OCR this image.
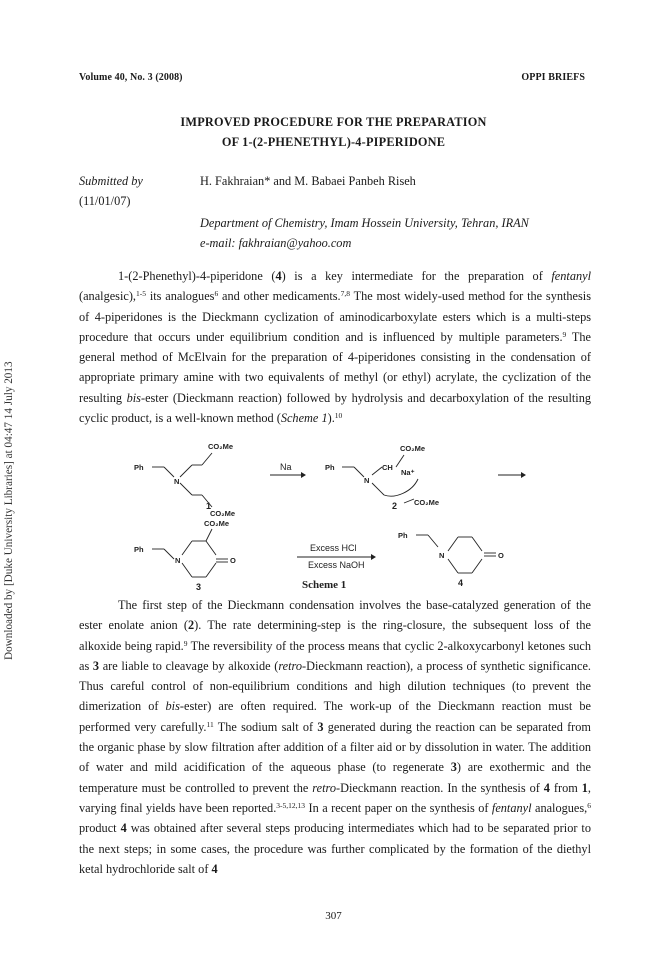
Downloaded by [Duke University Libraries] at 04:47 14 July 2013
Volume 40, No. 3 (2008)	OPPI BRIEFS
IMPROVED PROCEDURE FOR THE PREPARATION
OF 1-(2-PHENETHYL)-4-PIPERIDONE
Submitted by
(11/01/07)
H. Fakhraian* and M. Babaei Panbeh Riseh
Department of Chemistry, Imam Hossein University, Tehran, IRAN
e-mail: fakhraian@yahoo.com

1-(2-Phenethyl)-4-piperidone (4) is a key intermediate for the preparation of fentanyl (analgesic),$^{1-5}$ its analogues$^6$ and other medicaments.$^{7,8}$ The most widely-used method for the synthesis of 4-piperidones is the Dieckmann cyclization of aminodicarboxylate esters which is a multi-steps procedure that occurs under equilibrium condition and is influenced by multiple parameters.$^9$ The general method of McElvain for the preparation of 4-piperidones consisting in the condensation of appropriate primary amine with two equivalents of methyl (or ethyl) acrylate, the cyclization of the resulting bis-ester (Dieckmann reaction) followed by hydrolysis and decarboxylation of the resulting cyclic product, is a well-known method (Scheme 1).$^{10}$

Ph
N
CO₂Me
CO₂Me
Ph
N
CH
Na⁺
CO₂Me
CO₂Me
Ph
N	O
CO₂Me
Ph
N	O
Na
Excess HCl
Excess NaOH
1	2
3	4
Scheme 1

The first step of the Dieckmann condensation involves the base-catalyzed generation of the ester enolate anion (2). The rate determining-step is the ring-closure, the subsequent loss of the alkoxide being rapid.$^9$ The reversibility of the process means that cyclic 2-alkoxycarbonyl ketones such as 3 are liable to cleavage by alkoxide (retro-Dieckmann reaction), a process of synthetic significance. Thus careful control of non-equilibrium conditions and high dilution techniques (to prevent the dimerization of bis-ester) are often required. The work-up of the Dieckmann reaction must be performed very carefully.$^{11}$ The sodium salt of 3 generated during the reaction can be separated from the organic phase by slow filtration after addition of a filter aid or by dissolution in water. The addition of water and mild acidification of the aqueous phase (to regenerate 3) are exothermic and the temperature must be controlled to prevent the retro-Dieckmann reaction. In the synthesis of 4 from 1, varying final yields have been reported.$^{3-5,12,13}$ In a recent paper on the synthesis of fentanyl analogues,$^6$ product 4 was obtained after several steps producing intermediates which had to be separated prior to the next steps; in some cases, the procedure was further complicated by the formation of the diethyl ketal hydrochloride salt of 4

307
